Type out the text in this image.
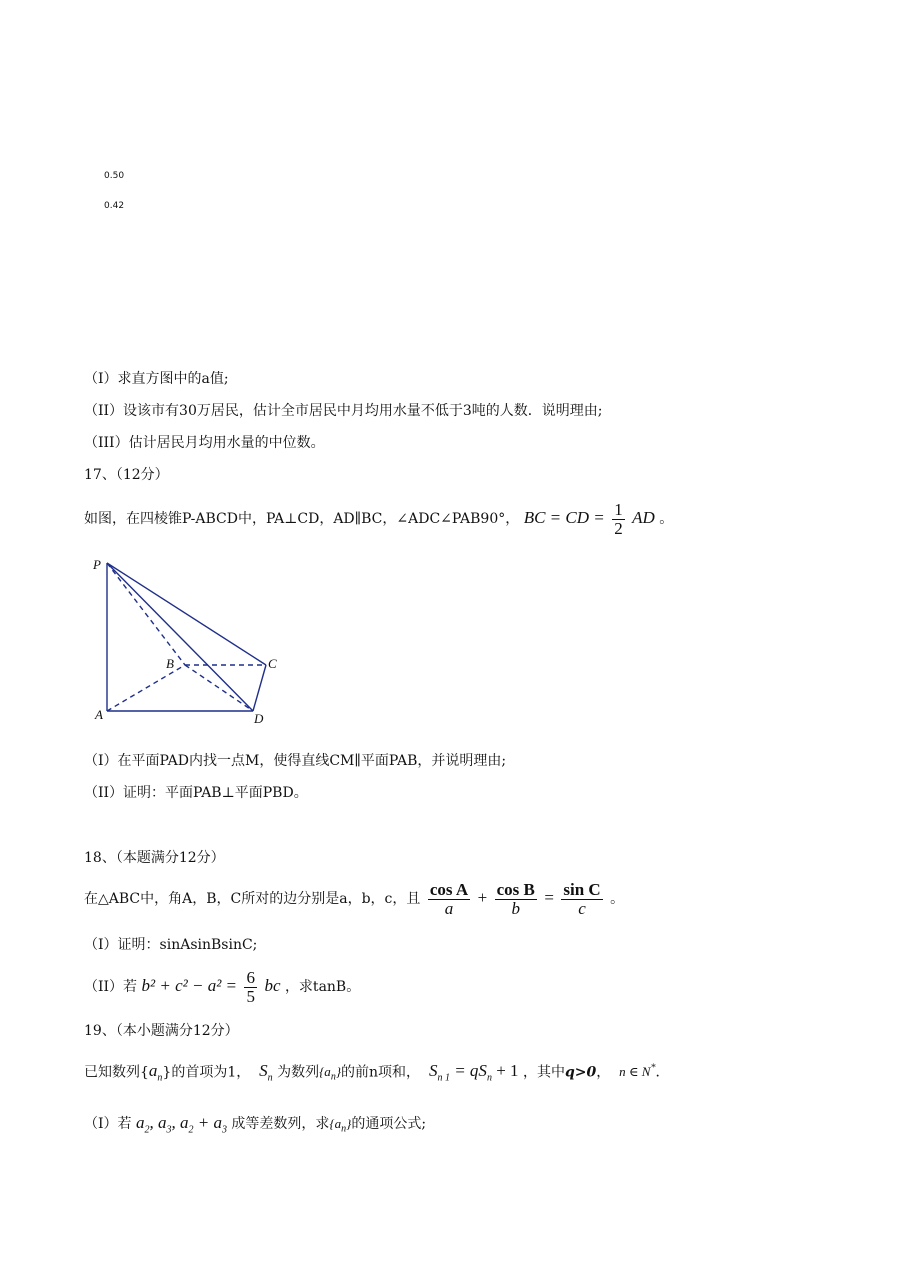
0.50
0.42
（I）求直方图中的a值;
（II）设该市有30万居民，估计全市居民中月均用水量不低于3吨的人数．说明理由;
（III）估计居民月均用水量的中位数。
17、（12分）
如图，在四棱锥P-ABCD中，PA⊥CD，AD∥BC，∠ADC∠PAB90°， BC = CD = $\frac{1}{2}$ AD 。
P
A
B	C
D
（I）在平面PAD内找一点M，使得直线CM∥平面PAB，并说明理由;
（II）证明：平面PAB⊥平面PBD。
18、（本题满分12分）
在△ABC中，角A，B，C所对的边分别是a，b，c，且 $\frac{\text{cos A}}{a} + \frac{\text{cos B}}{b} = \frac{\text{sin C}}{c}$ 。
（I）证明：sinAsinBsinC;
（II）若 $b^2 + c^2 - a^2 = \frac{6}{5}$ bc ，求tanB。
19、（本小题满分12分）
已知数列$\{a_n\}$的首项为1， $S_n$ 为数列$\{a_n\}$的前n项和， $S_{n 1} = qS_n + 1$ ，其中q>0， n ∈ N*．
（Ⅰ）若 $a_2$, $a_3$, $a_2 + a_3$ 成等差数列，求$\{a_n\}$的通项公式;
